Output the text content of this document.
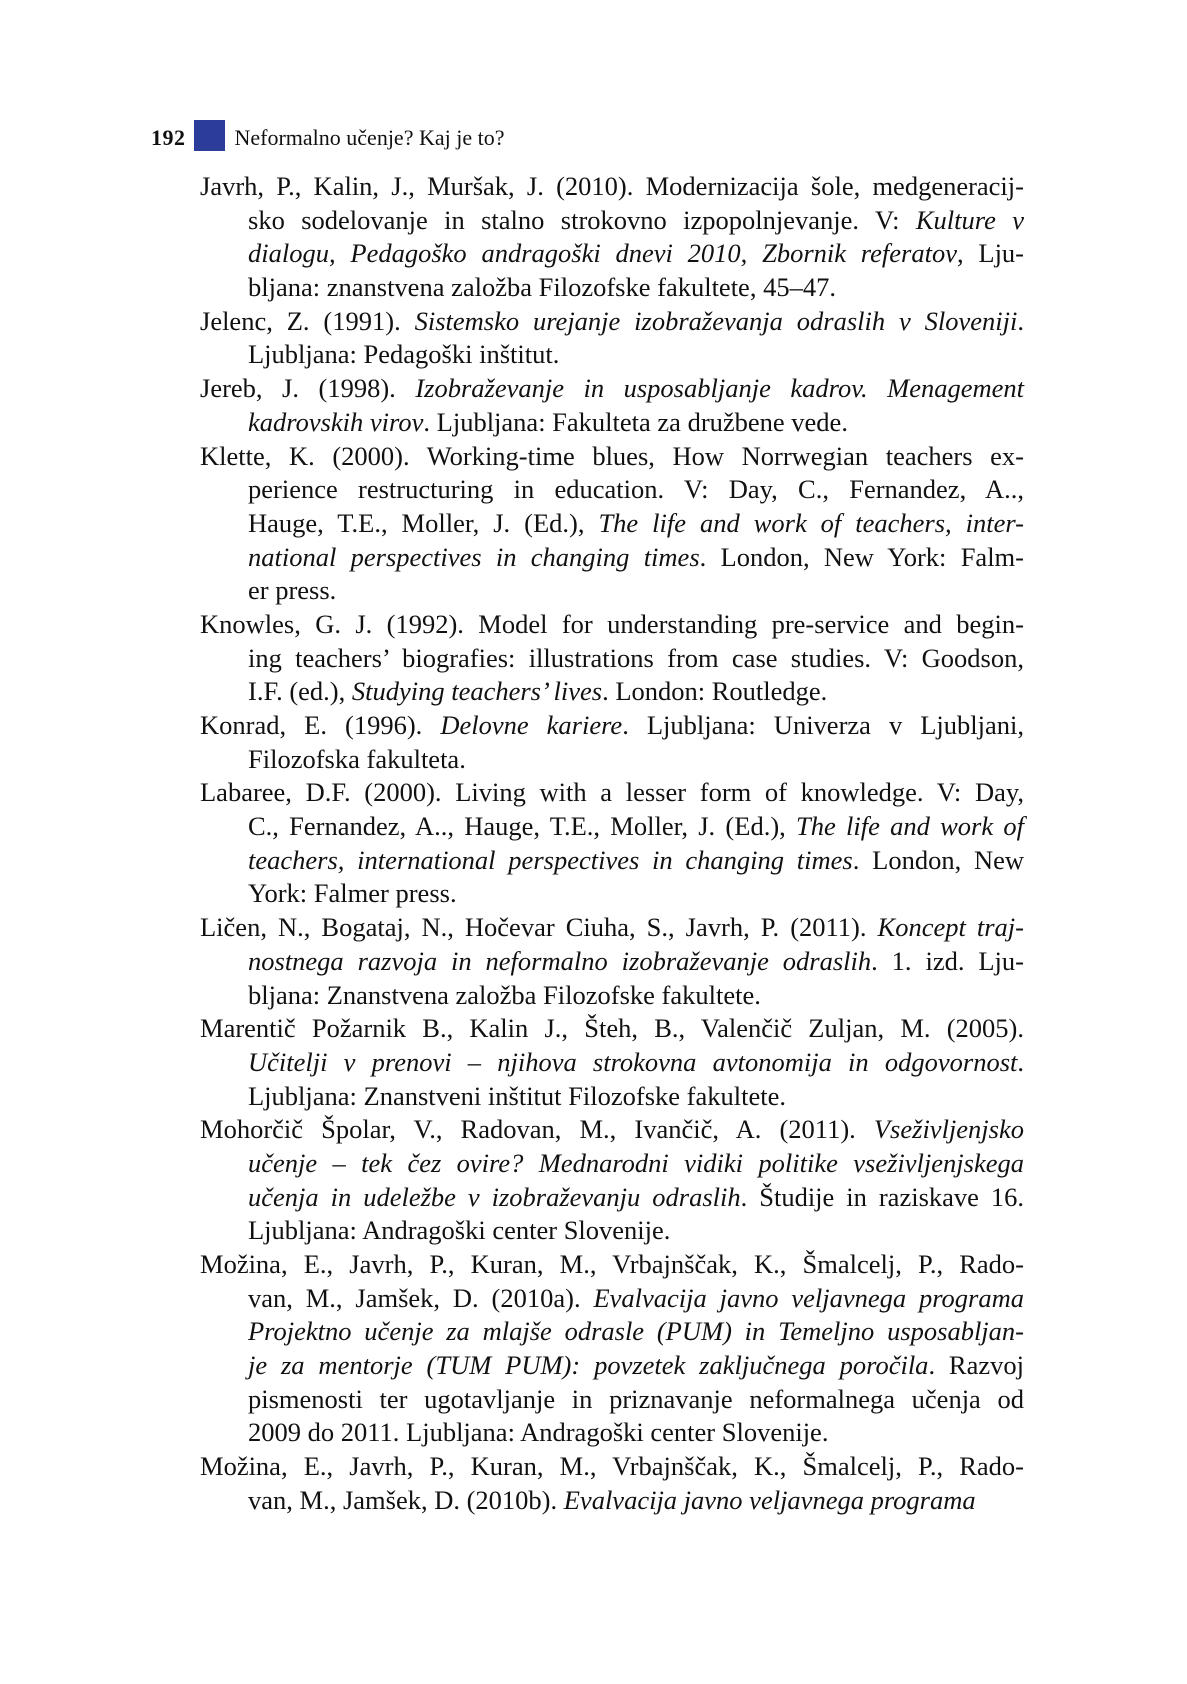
192 Neformalno učenje? Kaj je to?
Javrh, P., Kalin, J., Muršak, J. (2010). Modernizacija šole, medgeneracij-
sko sodelovanje in stalno strokovno izpopolnjevanje. V: Kulture v
dialogu, Pedagoško andragoški dnevi 2010, Zbornik referatov, Lju-
bljana: znanstvena založba Filozofske fakultete, 45–47.
Jelenc, Z. (1991). Sistemsko urejanje izobraževanja odraslih v Sloveniji.
Ljubljana: Pedagoški inštitut.
Jereb, J. (1998). Izobraževanje in usposabljanje kadrov. Menagement
kadrovskih virov. Ljubljana: Fakulteta za družbene vede.
Klette, K. (2000). Working-time blues, How Norrwegian teachers ex-
perience restructuring in education. V: Day, C., Fernandez, A..,
Hauge, T.E., Moller, J. (Ed.), The life and work of teachers, inter-
national perspectives in changing times. London, New York: Falm-
er press.
Knowles, G. J. (1992). Model for understanding pre-service and begin-
ing teachers’ biografies: illustrations from case studies. V: Goodson,
I.F. (ed.), Studying teachers’ lives. London: Routledge.
Konrad, E. (1996). Delovne kariere. Ljubljana: Univerza v Ljubljani,
Filozofska fakulteta.
Labaree, D.F. (2000). Living with a lesser form of knowledge. V: Day,
C., Fernandez, A.., Hauge, T.E., Moller, J. (Ed.), The life and work of
teachers, international perspectives in changing times. London, New
York: Falmer press.
Ličen, N., Bogataj, N., Hočevar Ciuha, S., Javrh, P. (2011). Koncept traj-
nostnega razvoja in neformalno izobraževanje odraslih. 1. izd. Lju-
bljana: Znanstvena založba Filozofske fakultete.
Marentič Požarnik B., Kalin J., Šteh, B., Valenčič Zuljan, M. (2005).
Učitelji v prenovi – njihova strokovna avtonomija in odgovornost.
Ljubljana: Znanstveni inštitut Filozofske fakultete.
Mohorčič Špolar, V., Radovan, M., Ivančič, A. (2011). Vseživljenjsko
učenje – tek čez ovire? Mednarodni vidiki politike vseživljenjskega
učenja in udeležbe v izobraževanju odraslih. Študije in raziskave 16.
Ljubljana: Andragoški center Slovenije.
Možina, E., Javrh, P., Kuran, M., Vrbajnščak, K., Šmalcelj, P., Rado-
van, M., Jamšek, D. (2010a). Evalvacija javno veljavnega programa
Projektno učenje za mlajše odrasle (PUM) in Temeljno usposabljan-
je za mentorje (TUM PUM): povzetek zaključnega poročila. Razvoj
pismenosti ter ugotavljanje in priznavanje neformalnega učenja od
2009 do 2011. Ljubljana: Andragoški center Slovenije.
Možina, E., Javrh, P., Kuran, M., Vrbajnščak, K., Šmalcelj, P., Rado-
van, M., Jamšek, D. (2010b). Evalvacija javno veljavnega programa
